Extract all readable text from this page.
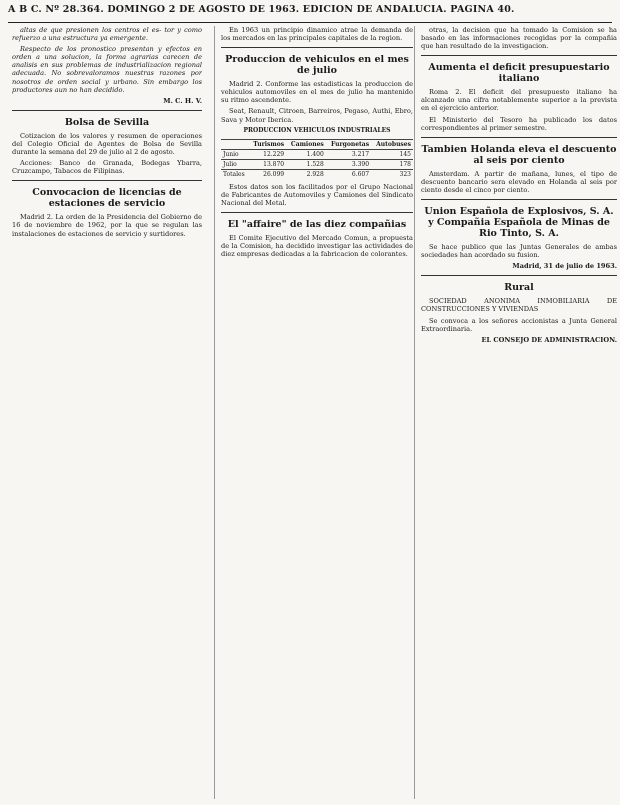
A B C. Nº 28.364. DOMINGO 2 DE AGOSTO DE 1963. EDICION DE ANDALUCIA. PAGINA 40.

altas de que presionen los centros el es- tor y como refuerzo a una estructura ya emergente.

Respecto de los pronostico presentan y efectos en orden a una solucion, la forma agrarias carecen de analisis en sus problemas de industrializacion regional adecuada. No sobrevaloramos nuestras razones por nosotros de orden social y urbano. Sin embargo los productores aun no han decidido.

M. C. H. V.
Bolsa de Sevilla

Cotizacion de los valores y resumen de operaciones del Colegio Oficial de Agentes de Bolsa de Sevilla durante la semana del 29 de julio al 2 de agosto.

Acciones: Banco de Granada, Bodegas Ybarra, Cruzcampo, Tabacos de Filipinas.

Convocacion de licencias de estaciones de servicio

Madrid 2. La orden de la Presidencia del Gobierno de 16 de noviembre de 1962, por la que se regulan las instalaciones de estaciones de servicio y surtidores.

En 1963 un principio dinamico atrae la demanda de los mercados en las principales capitales de la region.

Produccion de vehiculos en el mes de julio

Madrid 2. Conforme las estadisticas la produccion de vehiculos automoviles en el mes de julio ha mantenido su ritmo ascendente.

Seat, Renault, Citroen, Barreiros, Pegaso, Authi, Ebro, Sava y Motor Iberica.

PRODUCCION VEHICULOS INDUSTRIALES
	Turismos	Camiones	Furgonetas	Autobuses
Junio	12.229	1.400	3.217	145
Julio	13.870	1.528	3.390	178
Totales	26.099	2.928	6.607	323

Estos datos son los facilitados por el Grupo Nacional de Fabricantes de Automoviles y Camiones del Sindicato Nacional del Metal.

El "affaire" de las diez compañias

El Comite Ejecutivo del Mercado Comun, a propuesta de la Comision, ha decidido investigar las actividades de diez empresas dedicadas a la fabricacion de colorantes.

otras, la decision que ha tomado la Comision se ha basado en las informaciones recogidas por la compañia que han resultado de la investigacion.

Aumenta el deficit presupuestario italiano

Roma 2. El deficit del presupuesto italiano ha alcanzado una cifra notablemente superior a la prevista en el ejercicio anterior.

El Ministerio del Tesoro ha publicado los datos correspondientes al primer semestre.

Tambien Holanda eleva el descuento al seis por ciento

Amsterdam. A partir de mañana, lunes, el tipo de descuento bancario sera elevado en Holanda al seis por ciento desde el cinco por ciento.

Union Española de Explosivos, S. A. y Compañia Española de Minas de Rio Tinto, S. A.

Se hace publico que las Juntas Generales de ambas sociedades han acordado su fusion.

Madrid, 31 de julio de 1963.
Rural

SOCIEDAD ANONIMA INMOBILIARIA DE CONSTRUCCIONES Y VIVIENDAS

Se convoca a los señores accionistas a Junta General Extraordinaria.

EL CONSEJO DE ADMINISTRACION.
